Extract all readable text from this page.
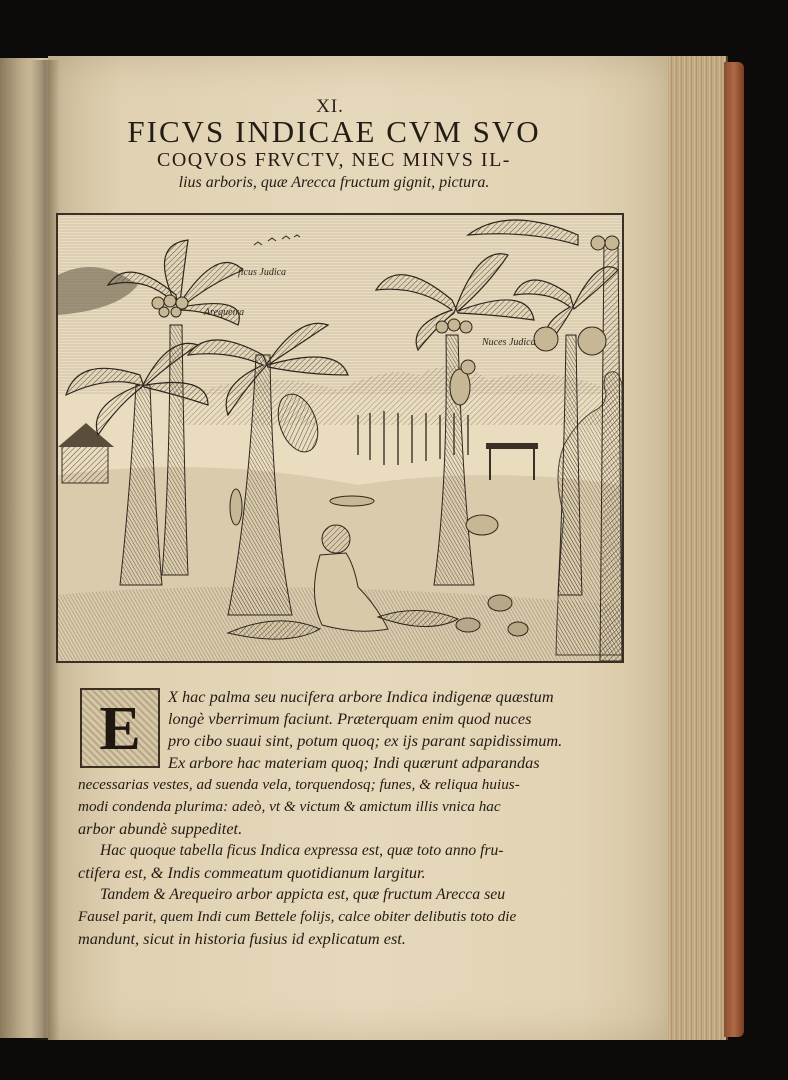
XI.
FICVS INDICAE CVM SVO
COQVOS FRVCTV, NEC MINVS IL-
lius arboris, quæ Arecca fructum gignit, pictura.
ficus Judica
Arequeira
Nuces Judica
E	X hac palma seu nucifera arbore Indica indigenæ quæstum
longè vberrimum faciunt. Præterquam enim quod nuces
pro cibo suaui sint, potum quoq; ex ijs parant sapidissimum.
Ex arbore hac materiam quoq; Indi quærunt adparandas
necessarias vestes, ad suenda vela, torquendosq; funes, & reliqua huius-
modi condenda plurima: adeò, vt & victum & amictum illis vnica hac
arbor abundè suppeditet.
Hac quoque tabella ficus Indica expressa est, quæ toto anno fru-
ctifera est, & Indis commeatum quotidianum largitur.
Tandem & Arequeiro arbor appicta est, quæ fructum Arecca seu
Fausel parit, quem Indi cum Bettele folijs, calce obiter delibutis toto die
mandunt, sicut in historia fusius id explicatum est.
